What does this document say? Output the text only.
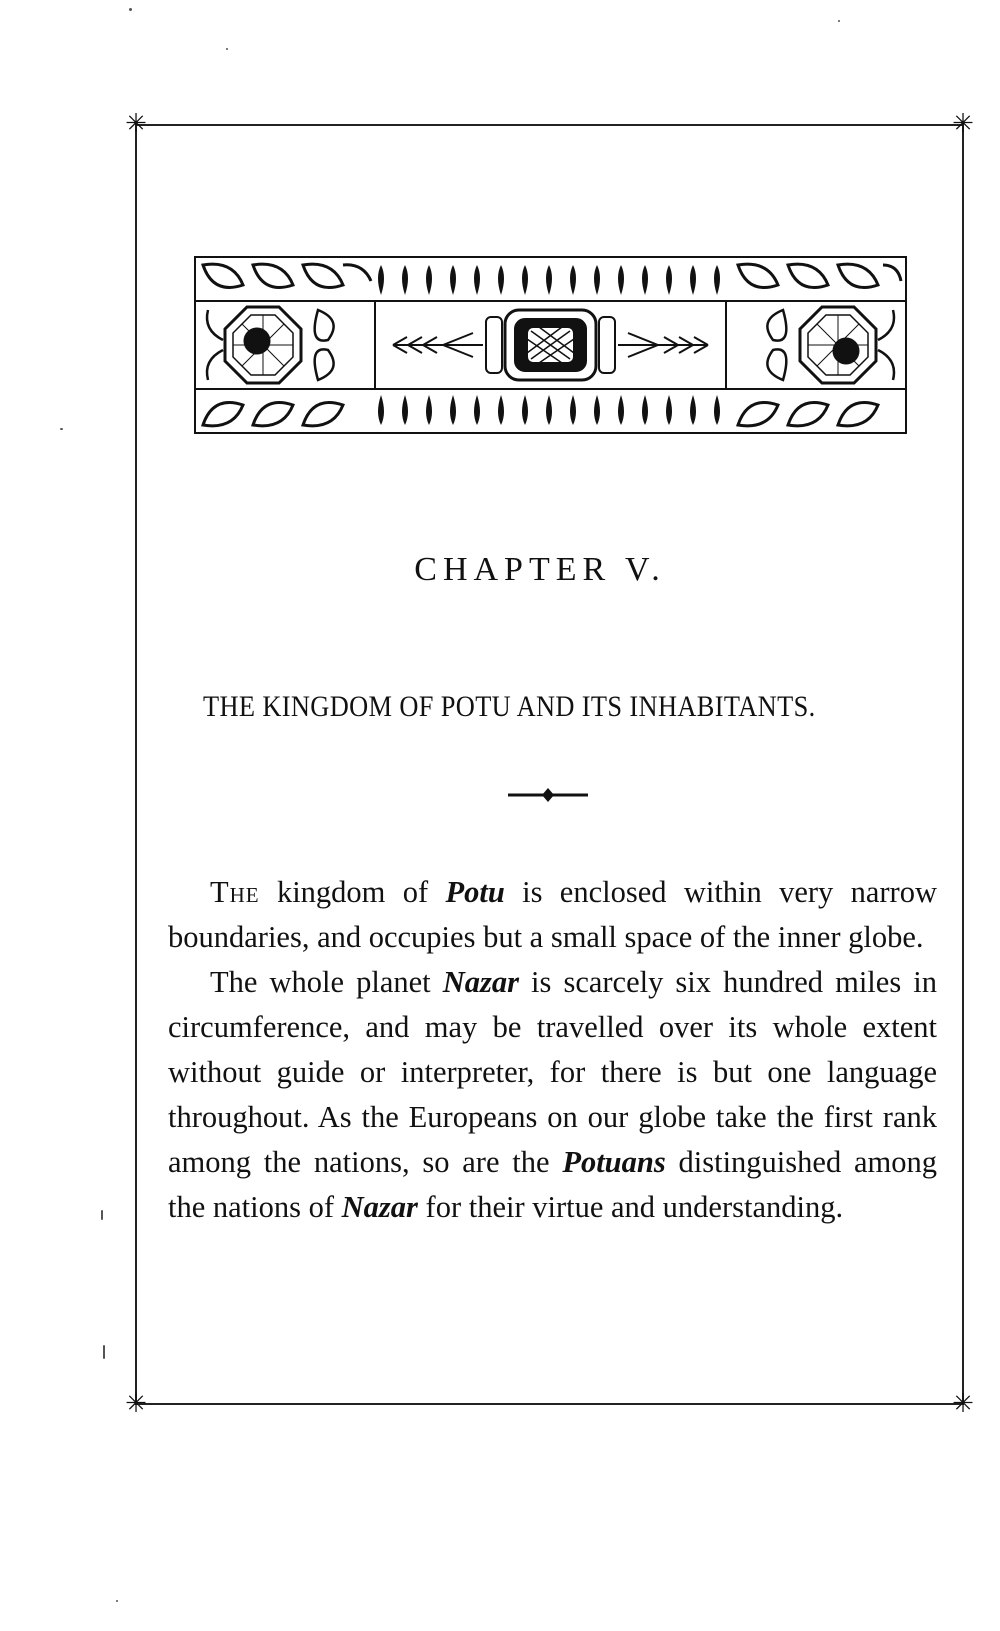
✳	✳
✳	✳
CHAPTER V.
THE KINGDOM OF POTU AND ITS INHABITANTS.

The kingdom of Potu is enclosed within very narrow boundaries, and occupies but a small space of the inner globe.

The whole planet Nazar is scarcely six hundred miles in circumference, and may be travelled over its whole extent without guide or interpreter, for there is but one language throughout. As the Europeans on our globe take the first rank among the nations, so are the Potuans distinguished among the nations of Nazar for their virtue and understanding.
